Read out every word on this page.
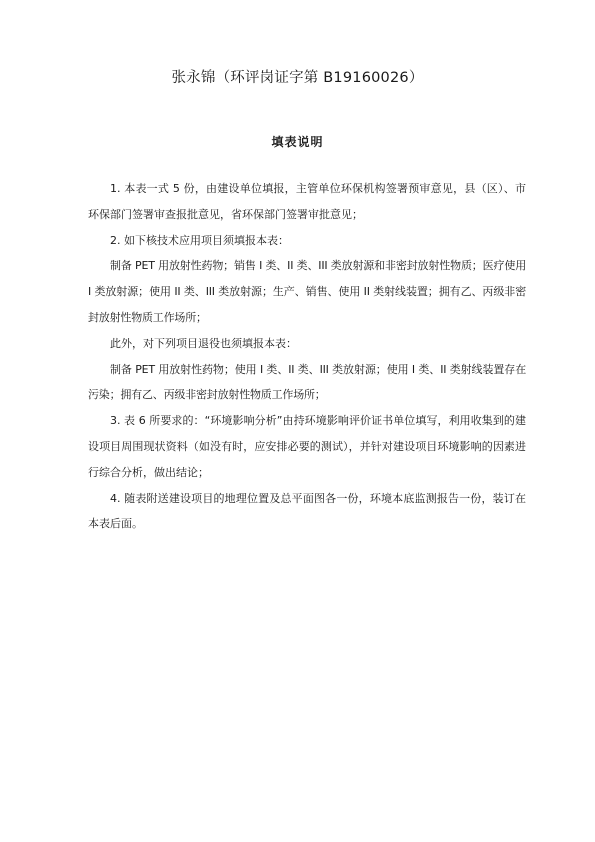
张永锦（环评岗证字第 B19160026）
填表说明

1. 本表一式 5 份，由建设单位填报，主管单位环保机构签署预审意见，县（区）、市环保部门签署审查报批意见，省环保部门签署审批意见；

2. 如下核技术应用项目须填报本表：

制备 PET 用放射性药物；销售 I 类、II 类、III 类放射源和非密封放射性物质；医疗使用 I 类放射源；使用 II 类、III 类放射源；生产、销售、使用 II 类射线装置；拥有乙、丙级非密封放射性物质工作场所；

此外，对下列项目退役也须填报本表：

制备 PET 用放射性药物；使用 I 类、II 类、III 类放射源；使用 I 类、II 类射线装置存在污染；拥有乙、丙级非密封放射性物质工作场所；

3. 表 6 所要求的：“环境影响分析”由持环境影响评价证书单位填写，利用收集到的建设项目周围现状资料（如没有时，应安排必要的测试），并针对建设项目环境影响的因素进行综合分析，做出结论；

4. 随表附送建设项目的地理位置及总平面图各一份，环境本底监测报告一份，装订在本表后面。
